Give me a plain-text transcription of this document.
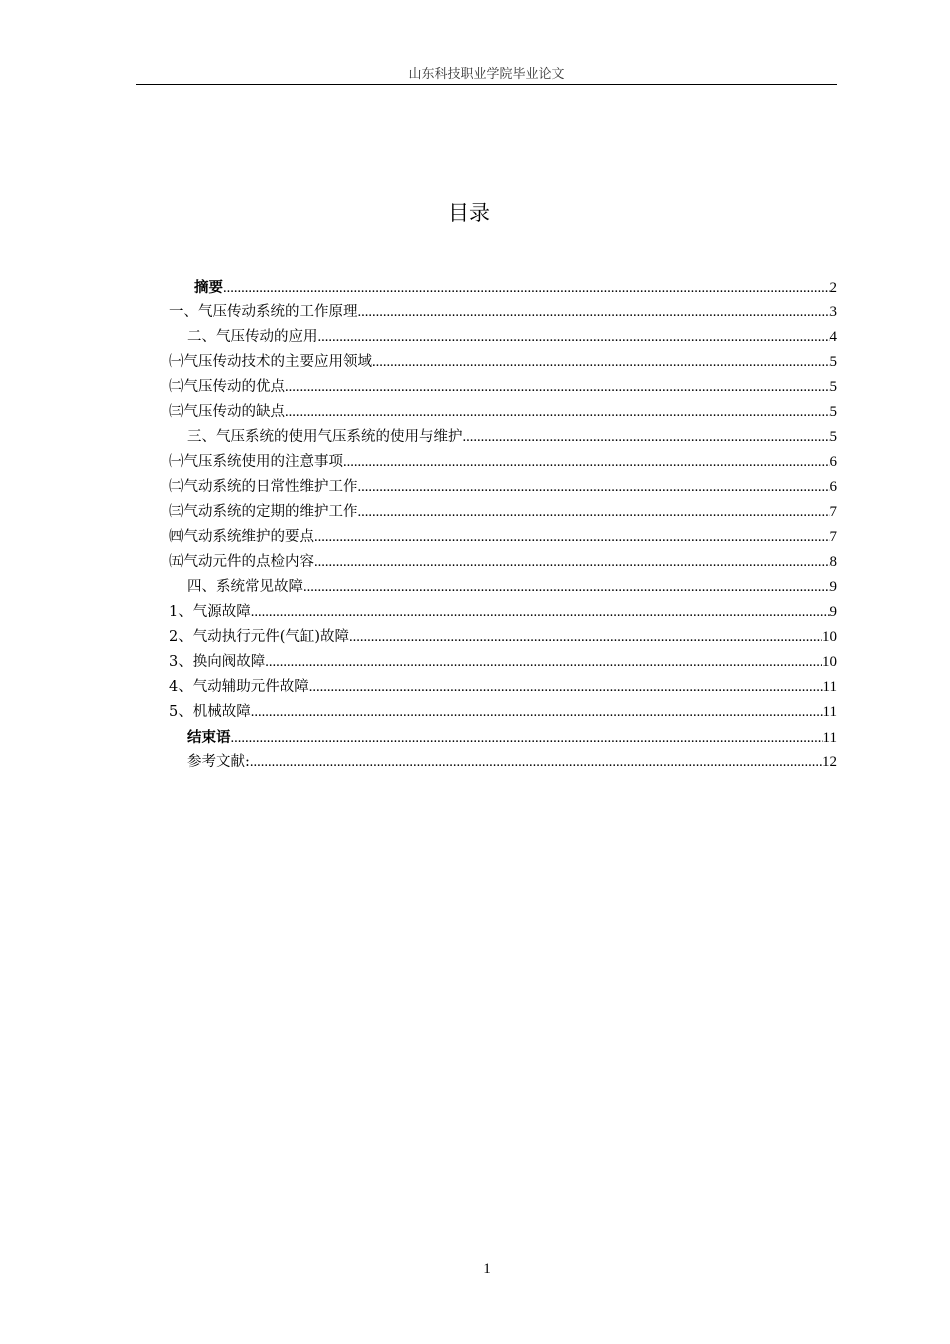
山东科技职业学院毕业论文
目录
摘要 .....	2
一、气压传动系统的工作原理 .....	3
二、气压传动的应用 .....	4
㈠气压传动技术的主要应用领域 .....	5
㈡气压传动的优点 .....	5
㈢气压传动的缺点 .....	5
三、气压系统的使用气压系统的使用与维护 .....	5
㈠气压系统使用的注意事项 .....	6
㈡气动系统的日常性维护工作 .....	6
㈢气动系统的定期的维护工作 .....	7
㈣气动系统维护的要点 .....	7
㈤气动元件的点检内容 .....	8
四、系统常见故障 .....	9
1、气源故障 .....	9
2、气动执行元件(气缸)故障 .....	10
3、换向阀故障 .....	10
4、气动辅助元件故障 .....	11
5、机械故障 .....	11
结束语 .....	11
参考文献: .....	12
1
